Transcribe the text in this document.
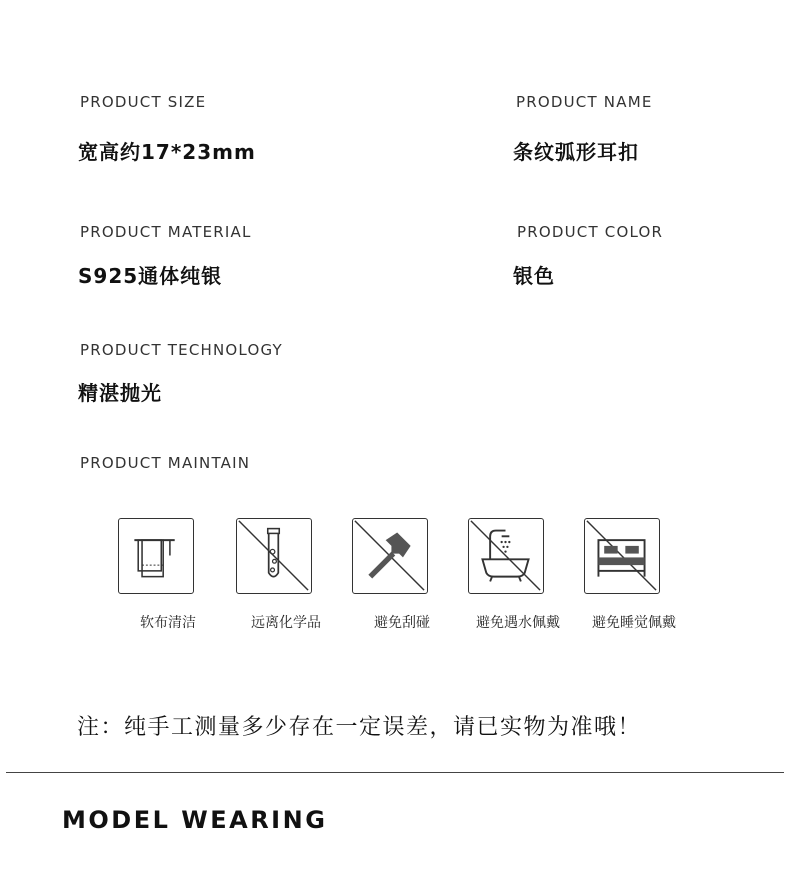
PRODUCT SIZE
宽高约17*23mm
PRODUCT NAME
条纹弧形耳扣
PRODUCT MATERIAL
S925通体纯银
PRODUCT COLOR
银色
PRODUCT TECHNOLOGY
精湛抛光
PRODUCT MAINTAIN
软布清洁	远离化学品	避免刮碰	避免遇水佩戴	避免睡觉佩戴
注：纯手工测量多少存在一定误差，请已实物为准哦！
MODEL WEARING
